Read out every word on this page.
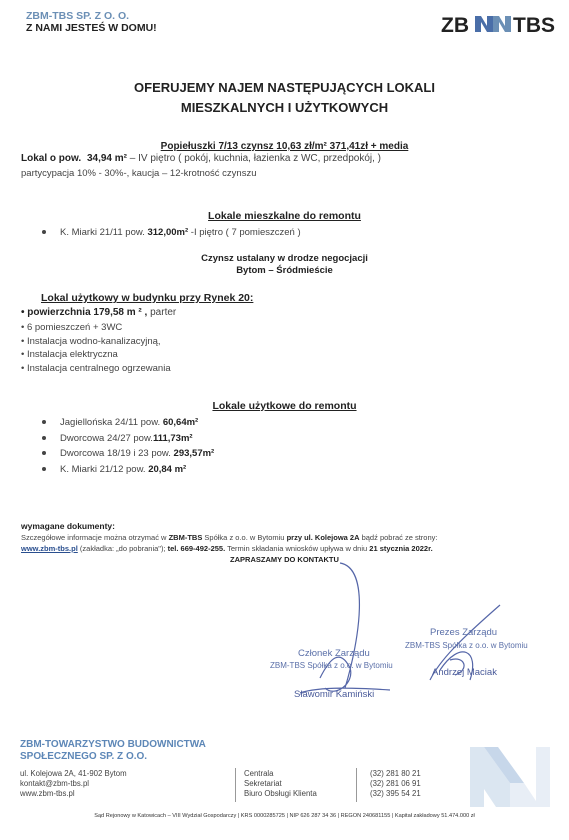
ZBM-TBS SP. Z O. O.
Z NAMI JESTEŚ W DOMU!	ZB TBS
OFERUJEMY NAJEM NASTĘPUJĄCYCH LOKALI
MIESZKALNYCH I UŻYTKOWYCH
Popiełuszki 7/13 czynsz 10,63 zł/m² 371,41zł + media
Lokal o pow. 34,94 m² – IV piętro ( pokój, kuchnia, łazienka z WC, przedpokój, )
partycypacja 10% - 30%-, kaucja – 12-krotność czynszu
Lokale mieszkalne do remontu
K. Miarki 21/11 pow. 312,00m² -I piętro ( 7 pomieszczeń )
Czynsz ustalany w drodze negocjacji
Bytom – Śródmieście
Lokal użytkowy w budynku przy Rynek 20:
• powierzchnia 179,58 m ² , parter
• 6 pomieszczeń + 3WC
• Instalacja wodno-kanalizacyjną,
• Instalacja elektryczna
• Instalacja centralnego ogrzewania
Lokale użytkowe do remontu
Jagiellońska 24/11 pow. 60,64m²
Dworcowa 24/27 pow.111,73m²
Dworcowa 18/19 i 23 pow. 293,57m²
K. Miarki 21/12 pow. 20,84 m²
wymagane dokumenty:
Szczegółowe informacje można otrzymać w ZBM-TBS Spółka z o.o. w Bytomiu przy ul. Kolejowa 2A bądź pobrać ze strony:
www.zbm-tbs.pl (zakładka: „do pobrania"); tel. 669-492-255. Termin składania wniosków upływa w dniu 21 stycznia 2022r.
ZAPRASZAMY DO KONTAKTU
Członek Zarządu
ZBM-TBS Spółka z o.o. w Bytomiu
Sławomir Kamiński
Prezes Zarządu
ZBM-TBS Spółka z o.o. w Bytomiu
Andrzej Maciak
ZBM-TOWARZYSTWO BUDOWNICTWA
SPOŁECZNEGO SP. Z O.O.
ul. Kolejowa 2A, 41-902 Bytom
kontakt@zbm-tbs.pl
www.zbm-tbs.pl
Centrala
Sekretariat
Biuro Obsługi Klienta
(32) 281 80 21
(32) 281 06 91
(32) 395 54 21
Sąd Rejonowy w Katowicach – VIII Wydział Gospodarczy | KRS 0000285725 | NIP 626 287 34 36 | REGON 240681155 | Kapitał zakładowy 51.474.000 zł
